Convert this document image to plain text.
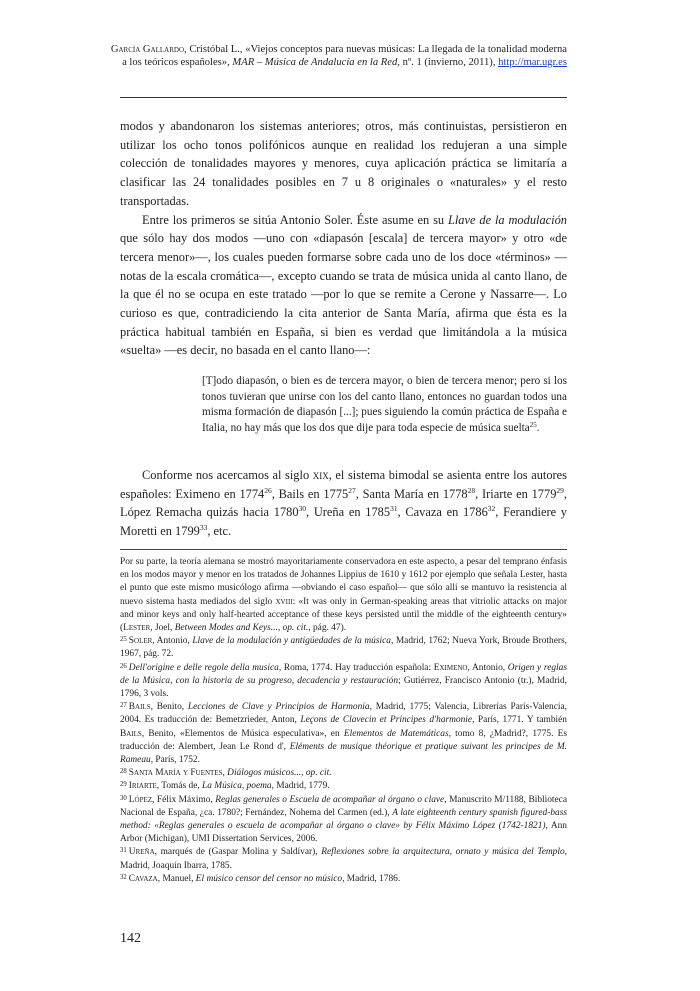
García Gallardo, Cristóbal L., «Viejos conceptos para nuevas músicas: La llegada de la tonalidad moderna a los teóricos españoles», MAR – Música de Andalucía en la Red, nº. 1 (invierno, 2011), http://mar.ugr.es

modos y abandonaron los sistemas anteriores; otros, más continuistas, persistieron en utilizar los ocho tonos polifónicos aunque en realidad los redujeran a una simple colección de tonalidades mayores y menores, cuya aplicación práctica se limitaría a clasificar las 24 tonalidades posibles en 7 u 8 originales o «naturales» y el resto transportadas.

Entre los primeros se sitúa Antonio Soler. Éste asume en su Llave de la modulación que sólo hay dos modos —uno con «diapasón [escala] de tercera mayor» y otro «de tercera menor»—, los cuales pueden formarse sobre cada uno de los doce «términos» —notas de la escala cromática—, excepto cuando se trata de música unida al canto llano, de la que él no se ocupa en este tratado —por lo que se remite a Cerone y Nassarre—. Lo curioso es que, contradiciendo la cita anterior de Santa María, afirma que ésta es la práctica habitual también en España, si bien es verdad que limitándola a la música «suelta» —es decir, no basada en el canto llano—:

[T]odo diapasón, o bien es de tercera mayor, o bien de tercera menor; pero si los tonos tuvieran que unirse con los del canto llano, entonces no guardan todos una misma formación de diapasón [...]; pues siguiendo la común práctica de España e Italia, no hay más que los dos que dije para toda especie de música suelta$^{25}$.

Conforme nos acercamos al siglo xix, el sistema bimodal se asienta entre los autores españoles: Eximeno en 1774$^{26}$, Bails en 1775$^{27}$, Santa María en 1778$^{28}$, Iriarte en 1779$^{29}$, López Remacha quizás hacia 1780$^{30}$, Ureña en 1785$^{31}$, Cavaza en 1786$^{32}$, Ferandiere y Moretti en 1799$^{33}$, etc.

Por su parte, la teoría alemana se mostró mayoritariamente conservadora en este aspecto, a pesar del temprano énfasis en los modos mayor y menor en los tratados de Johannes Lippius de 1610 y 1612 por ejemplo que señala Lester, hasta el punto que este mismo musicólogo afirma —obviando el caso español— que sólo allí se mantuvo la resistencia al nuevo sistema hasta mediados del siglo xviii: «It was only in German-speaking areas that vitriolic attacks on major and minor keys and only half-hearted acceptance of these keys persisted until the middle of the eighteenth century» (Lester, Joel, Between Modes and Keys..., op. cit., pág. 47).

$^{25}$ Soler, Antonio, Llave de la modulación y antigüedades de la música, Madrid, 1762; Nueva York, Broude Brothers, 1967, pág. 72.

$^{26}$ Dell'origine e delle regole della musica, Roma, 1774. Hay traducción española: Eximeno, Antonio, Origen y reglas de la Música, con la historia de su progreso, decadencia y restauración; Gutiérrez, Francisco Antonio (tr.), Madrid, 1796, 3 vols.

$^{27}$ Bails, Benito, Lecciones de Clave y Principios de Harmonía, Madrid, 1775; Valencia, Librerías París-Valencia, 2004. Es traducción de: Bemetzrieder, Anton, Leçons de Clavecin et Principes d'harmonie, París, 1771. Y también Bails, Benito, «Elementos de Música especulativa», en Elementos de Matemáticas, tomo 8, ¿Madrid?, 1775. Es traducción de: Alembert, Jean Le Rond d', Eléments de musique théorique et pratique suivant les principes de M. Rameau, París, 1752.

$^{28}$ Santa María y Fuentes, Diálogos músicos..., op. cit.

$^{29}$ Iriarte, Tomás de, La Música, poema, Madrid, 1779.

$^{30}$ López, Félix Máximo, Reglas generales o Escuela de acompañar al órgano o clave, Manuscrito M/1188, Biblioteca Nacional de España, ¿ca. 1780?; Fernández, Nohema del Carmen (ed.), A late eighteenth century spanish figured-bass method: «Reglas generales o escuela de acompañar al órgano o clave» by Félix Máximo López (1742-1821), Ann Arbor (Michigan), UMI Dissertation Services, 2006.

$^{31}$ Ureña, marqués de (Gaspar Molina y Saldívar), Reflexiones sobre la arquitectura, ornato y música del Templo, Madrid, Joaquín Ibarra, 1785.

$^{32}$ Cavaza, Manuel, El músico censor del censor no músico, Madrid, 1786.

142
